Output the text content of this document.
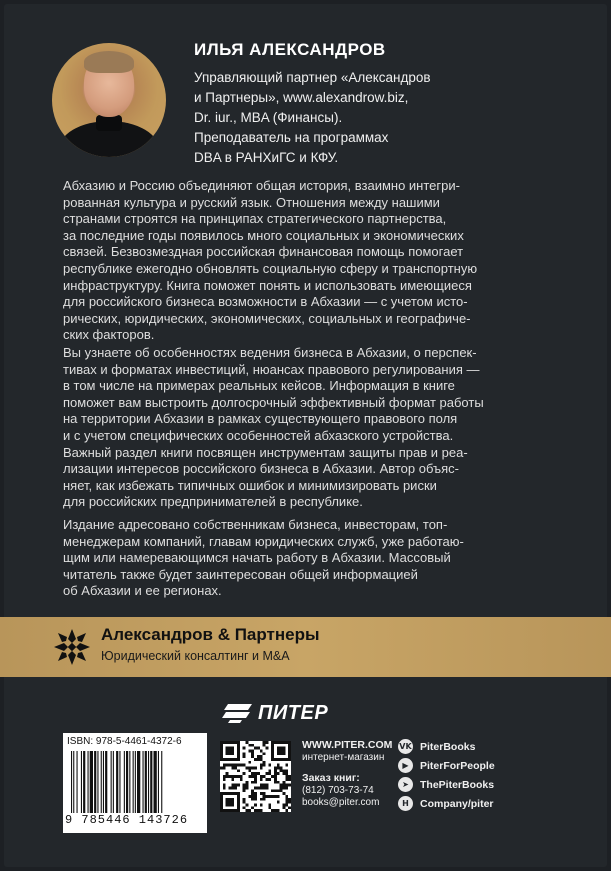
ИЛЬЯ АЛЕКСАНДРОВ
Управляющий партнер «Александров
и Партнеры», www.alexandrow.biz,
Dr. iur., MBA (Финансы).
Преподаватель на программах
DBA в РАНХиГС и КФУ.
Абхазию и Россию объединяют общая история, взаимно интегри-
рованная культура и русский язык. Отношения между нашими
странами строятся на принципах стратегического партнерства,
за последние годы появилось много социальных и экономических
связей. Безвозмездная российская финансовая помощь помогает
республике ежегодно обновлять социальную сферу и транспортную
инфраструктуру. Книга поможет понять и использовать имеющиеся
для российского бизнеса возможности в Абхазии — с учетом исто-
рических, юридических, экономических, социальных и географиче-
ских факторов.
Вы узнаете об особенностях ведения бизнеса в Абхазии, о перспек-
тивах и форматах инвестиций, нюансах правового регулирования —
в том числе на примерах реальных кейсов. Информация в книге
поможет вам выстроить долгосрочный эффективный формат работы
на территории Абхазии в рамках существующего правового поля
и с учетом специфических особенностей абхазского устройства.
Важный раздел книги посвящен инструментам защиты прав и реа-
лизации интересов российского бизнеса в Абхазии. Автор объяс-
няет, как избежать типичных ошибок и минимизировать риски
для российских предпринимателей в республике.
Издание адресовано собственникам бизнеса, инвесторам, топ-
менеджерам компаний, главам юридических служб, уже работаю-
щим или намеревающимся начать работу в Абхазии. Массовый
читатель также будет заинтересован общей информацией
об Абхазии и ее регионах.
Александров & Партнеры
Юридический консалтинг и M&A
ПИТЕР
ISBN: 978-5-4461-4372-6
9 785446 143726
WWW.PITER.COM
интернет-магазин
Заказ книг:
(812) 703-73-74
books@piter.com
VK PiterBooks
▶	PiterForPeople
➤	ThePiterBooks
H	Company/piter
